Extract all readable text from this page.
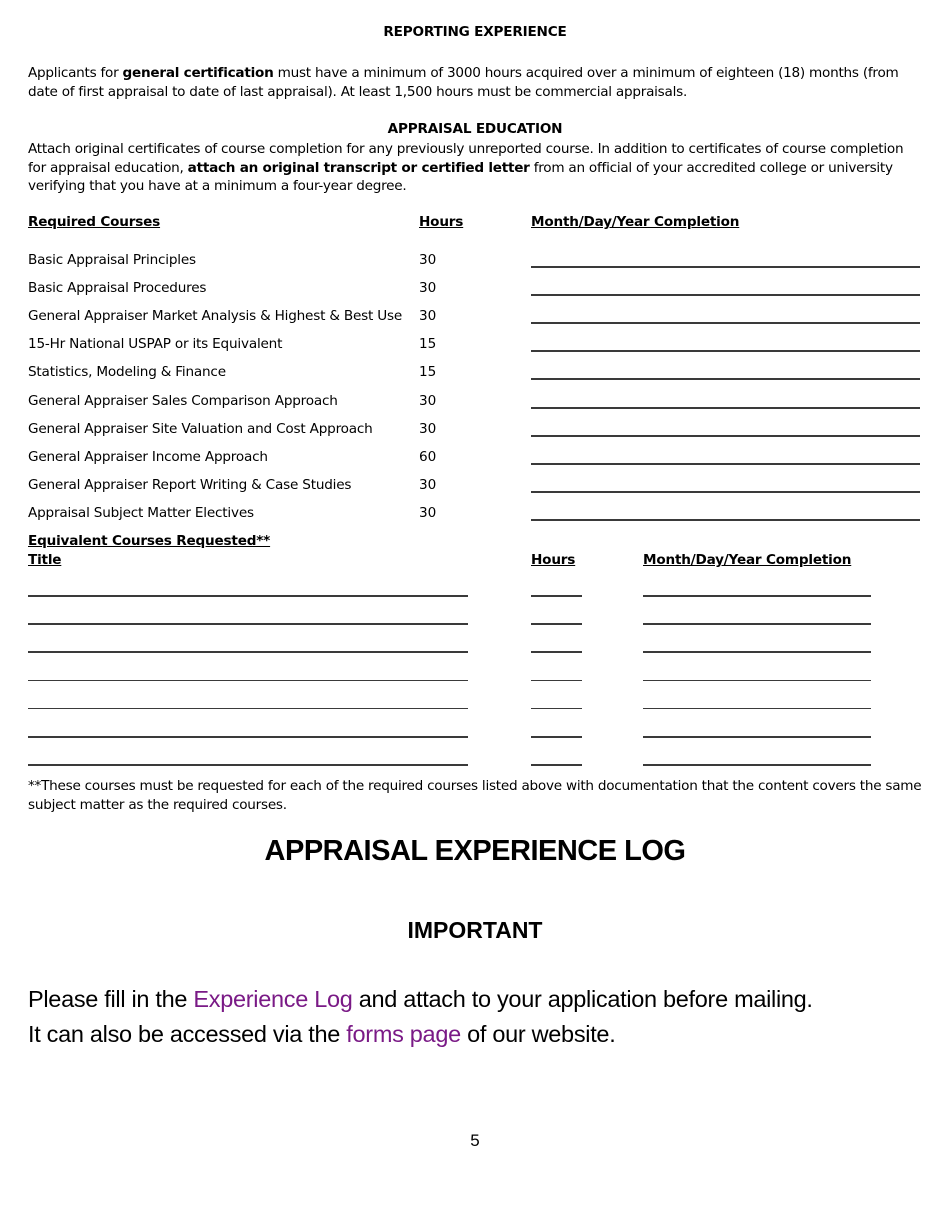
REPORTING EXPERIENCE
Applicants for general certification must have a minimum of 3000 hours acquired over a minimum of eighteen (18) months (from date of first appraisal to date of last appraisal). At least 1,500 hours must be commercial appraisals.
APPRAISAL EDUCATION
Attach original certificates of course completion for any previously unreported course. In addition to certificates of course completion for appraisal education, attach an original transcript or certified letter from an official of your accredited college or university verifying that you have at a minimum a four-year degree.
Required Courses	Hours	Month/Day/Year Completion
Basic Appraisal Principles	30
Basic Appraisal Procedures	30
General Appraiser Market Analysis & Highest & Best Use 30
15-Hr National USPAP or its Equivalent	15
Statistics, Modeling & Finance	15
General Appraiser Sales Comparison Approach	30
General Appraiser Site Valuation and Cost Approach	30
General Appraiser Income Approach	60
General Appraiser Report Writing & Case Studies	30
Appraisal Subject Matter Electives	30
Equivalent Courses Requested**
Title	Hours	Month/Day/Year Completion
**These courses must be requested for each of the required courses listed above with documentation that the content covers the same subject matter as the required courses.
APPRAISAL EXPERIENCE LOG
IMPORTANT
Please fill in the Experience Log and attach to your application before mailing.
It can also be accessed via the forms page of our website.
5
